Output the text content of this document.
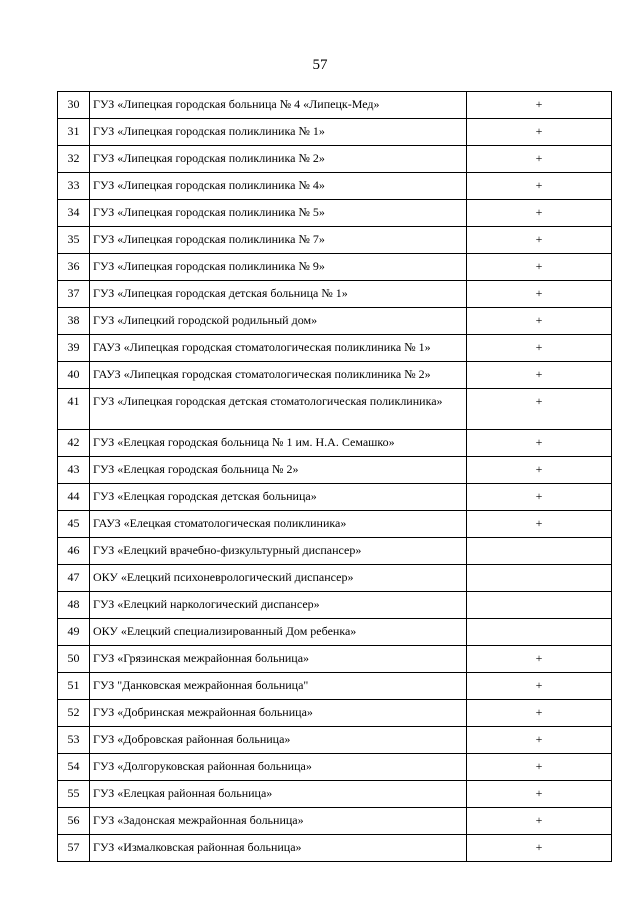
57
30	ГУЗ «Липецкая городская больница № 4 «Липецк-Мед»	+
31	ГУЗ «Липецкая городская поликлиника № 1»	+
32	ГУЗ «Липецкая городская поликлиника № 2»	+
33	ГУЗ «Липецкая городская поликлиника № 4»	+
34	ГУЗ «Липецкая городская поликлиника № 5»	+
35	ГУЗ «Липецкая городская поликлиника № 7»	+
36	ГУЗ «Липецкая городская поликлиника № 9»	+
37	ГУЗ «Липецкая городская детская больница № 1»	+
38	ГУЗ «Липецкий городской родильный дом»	+
39	ГАУЗ «Липецкая городская стоматологическая поликлиника № 1»	+
40	ГАУЗ «Липецкая городская стоматологическая поликлиника № 2»	+
41	ГУЗ «Липецкая городская детская стоматологическая поликлиника»	+
42	ГУЗ «Елецкая городская больница № 1 им. Н.А. Семашко»	+
43	ГУЗ «Елецкая городская больница № 2»	+
44	ГУЗ «Елецкая городская детская больница»	+
45	ГАУЗ «Елецкая стоматологическая поликлиника»	+
46	ГУЗ «Елецкий врачебно-физкультурный диспансер»	
47	ОКУ «Елецкий психоневрологический диспансер»	
48	ГУЗ «Елецкий наркологический диспансер»	
49	ОКУ «Елецкий специализированный Дом ребенка»	
50	ГУЗ «Грязинская межрайонная больница»	+
51	ГУЗ "Данковская межрайонная больница"	+
52	ГУЗ «Добринская межрайонная больница»	+
53	ГУЗ «Добровская районная больница»	+
54	ГУЗ «Долгоруковская районная больница»	+
55	ГУЗ «Елецкая районная больница»	+
56	ГУЗ «Задонская межрайонная больница»	+
57	ГУЗ «Измалковская районная больница»	+
